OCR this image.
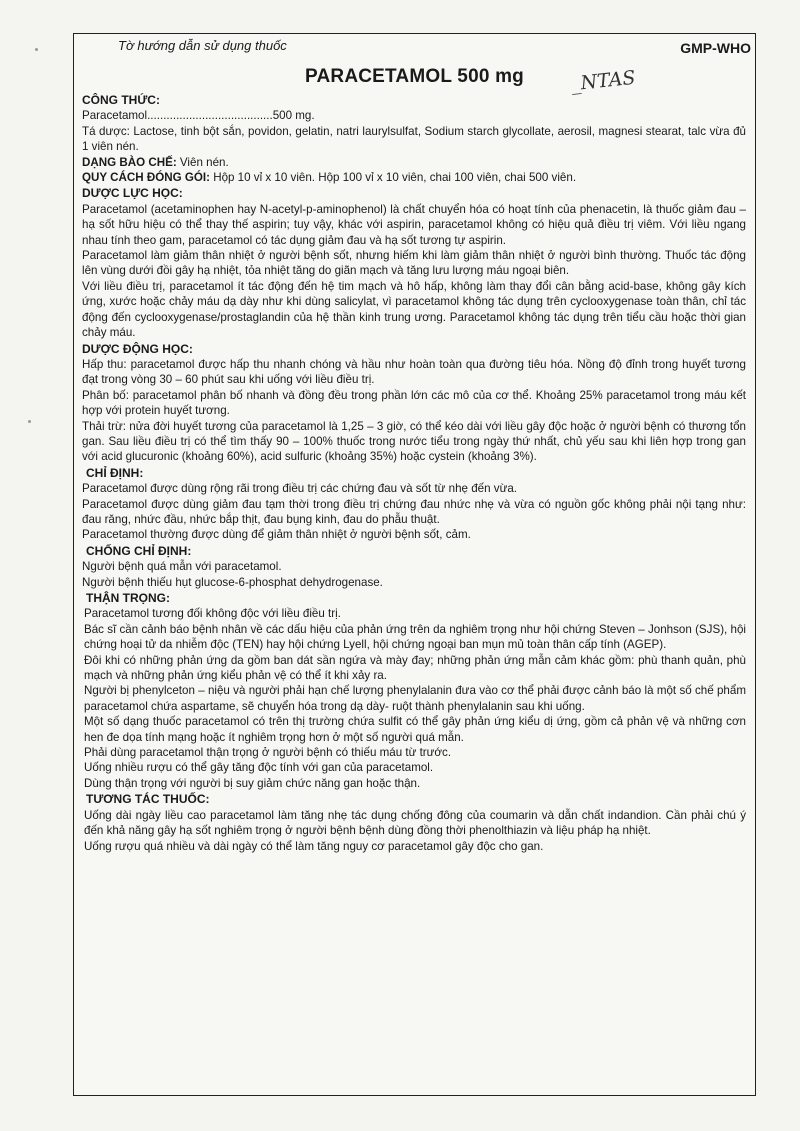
Tờ hướng dẫn sử dụng thuốc	GMP-WHO
PARACETAMOL 500 mg	_NTAS
CÔNG THỨC:

Paracetamol.......................................500 mg.

Tá dược: Lactose, tinh bột sắn, povidon, gelatin, natri laurylsulfat, Sodium starch glycollate, aerosil, magnesi stearat, talc vừa đủ 1 viên nén.

DẠNG BÀO CHẾ: Viên nén.

QUY CÁCH ĐÓNG GÓI: Hộp 10 vỉ x 10 viên. Hộp 100 vỉ x 10 viên, chai 100 viên, chai 500 viên.

DƯỢC LỰC HỌC:

Paracetamol (acetaminophen hay N-acetyl-p-aminophenol) là chất chuyển hóa có hoạt tính của phenacetin, là thuốc giảm đau – hạ sốt hữu hiệu có thể thay thế aspirin; tuy vậy, khác với aspirin, paracetamol không có hiệu quả điều trị viêm. Với liều ngang nhau tính theo gam, paracetamol có tác dụng giảm đau và hạ sốt tương tự aspirin.

Paracetamol làm giảm thân nhiệt ở người bệnh sốt, nhưng hiếm khi làm giảm thân nhiệt ở người bình thường. Thuốc tác động lên vùng dưới đồi gây hạ nhiệt, tỏa nhiệt tăng do giãn mạch và tăng lưu lượng máu ngoại biên.

Với liều điều trị, paracetamol ít tác động đến hệ tim mạch và hô hấp, không làm thay đổi cân bằng acid-base, không gây kích ứng, xước hoặc chảy máu dạ dày như khi dùng salicylat, vì paracetamol không tác dụng trên cyclooxygenase toàn thân, chỉ tác động đến cyclooxygenase/prostaglandin của hệ thần kinh trung ương. Paracetamol không tác dụng trên tiểu cầu hoặc thời gian chảy máu.

DƯỢC ĐỘNG HỌC:

Hấp thu: paracetamol được hấp thu nhanh chóng và hầu như hoàn toàn qua đường tiêu hóa. Nồng độ đỉnh trong huyết tương đạt trong vòng 30 – 60 phút sau khi uống với liều điều trị.

Phân bố: paracetamol phân bố nhanh và đồng đều trong phần lớn các mô của cơ thể. Khoảng 25% paracetamol trong máu kết hợp với protein huyết tương.

Thải trừ: nửa đời huyết tương của paracetamol là 1,25 – 3 giờ, có thể kéo dài với liều gây độc hoặc ở người bệnh có thương tổn gan. Sau liều điều trị có thể tìm thấy 90 – 100% thuốc trong nước tiểu trong ngày thứ nhất, chủ yếu sau khi liên hợp trong gan với acid glucuronic (khoảng 60%), acid sulfuric (khoảng 35%) hoặc cystein (khoảng 3%).

CHỈ ĐỊNH:

Paracetamol được dùng rộng rãi trong điều trị các chứng đau và sốt từ nhẹ đến vừa.

Paracetamol được dùng giảm đau tạm thời trong điều trị chứng đau nhức nhẹ và vừa có nguồn gốc không phải nội tạng như: đau răng, nhức đầu, nhức bắp thịt, đau bụng kinh, đau do phẫu thuật.

Paracetamol thường được dùng để giảm thân nhiệt ở người bệnh sốt, cảm.

CHỐNG CHỈ ĐỊNH:

Người bệnh quá mẫn với paracetamol.

Người bệnh thiếu hụt glucose-6-phosphat dehydrogenase.

THẬN TRỌNG:

Paracetamol tương đối không độc với liều điều trị.

Bác sĩ cần cảnh báo bệnh nhân về các dấu hiệu của phản ứng trên da nghiêm trọng như hội chứng Steven – Jonhson (SJS), hội chứng hoại tử da nhiễm độc (TEN) hay hội chứng Lyell, hội chứng ngoại ban mụn mủ toàn thân cấp tính (AGEP).

Đôi khi có những phản ứng da gồm ban dát sần ngứa và mày đay; những phản ứng mẫn cảm khác gồm: phù thanh quản, phù mạch và những phản ứng kiểu phản vệ có thể ít khi xảy ra.

Người bị phenylceton – niệu và người phải hạn chế lượng phenylalanin đưa vào cơ thể phải được cảnh báo là một số chế phẩm paracetamol chứa aspartame, sẽ chuyển hóa trong dạ dày- ruột thành phenylalanin sau khi uống.

Một số dạng thuốc paracetamol có trên thị trường chứa sulfit có thể gây phản ứng kiểu dị ứng, gồm cả phản vệ và những cơn hen đe dọa tính mạng hoặc ít nghiêm trọng hơn ở một số người quá mẫn.

Phải dùng paracetamol thận trọng ở người bệnh có thiếu máu từ trước.

Uống nhiều rượu có thể gây tăng độc tính với gan của paracetamol.

Dùng thận trọng với người bị suy giảm chức năng gan hoặc thận.

TƯƠNG TÁC THUỐC:

Uống dài ngày liều cao paracetamol làm tăng nhẹ tác dụng chống đông của coumarin và dẫn chất indandion. Cần phải chú ý đến khả năng gây hạ sốt nghiêm trọng ở người bệnh bệnh dùng đồng thời phenolthiazin và liệu pháp hạ nhiệt.

Uống rượu quá nhiều và dài ngày có thể làm tăng nguy cơ paracetamol gây độc cho gan.
